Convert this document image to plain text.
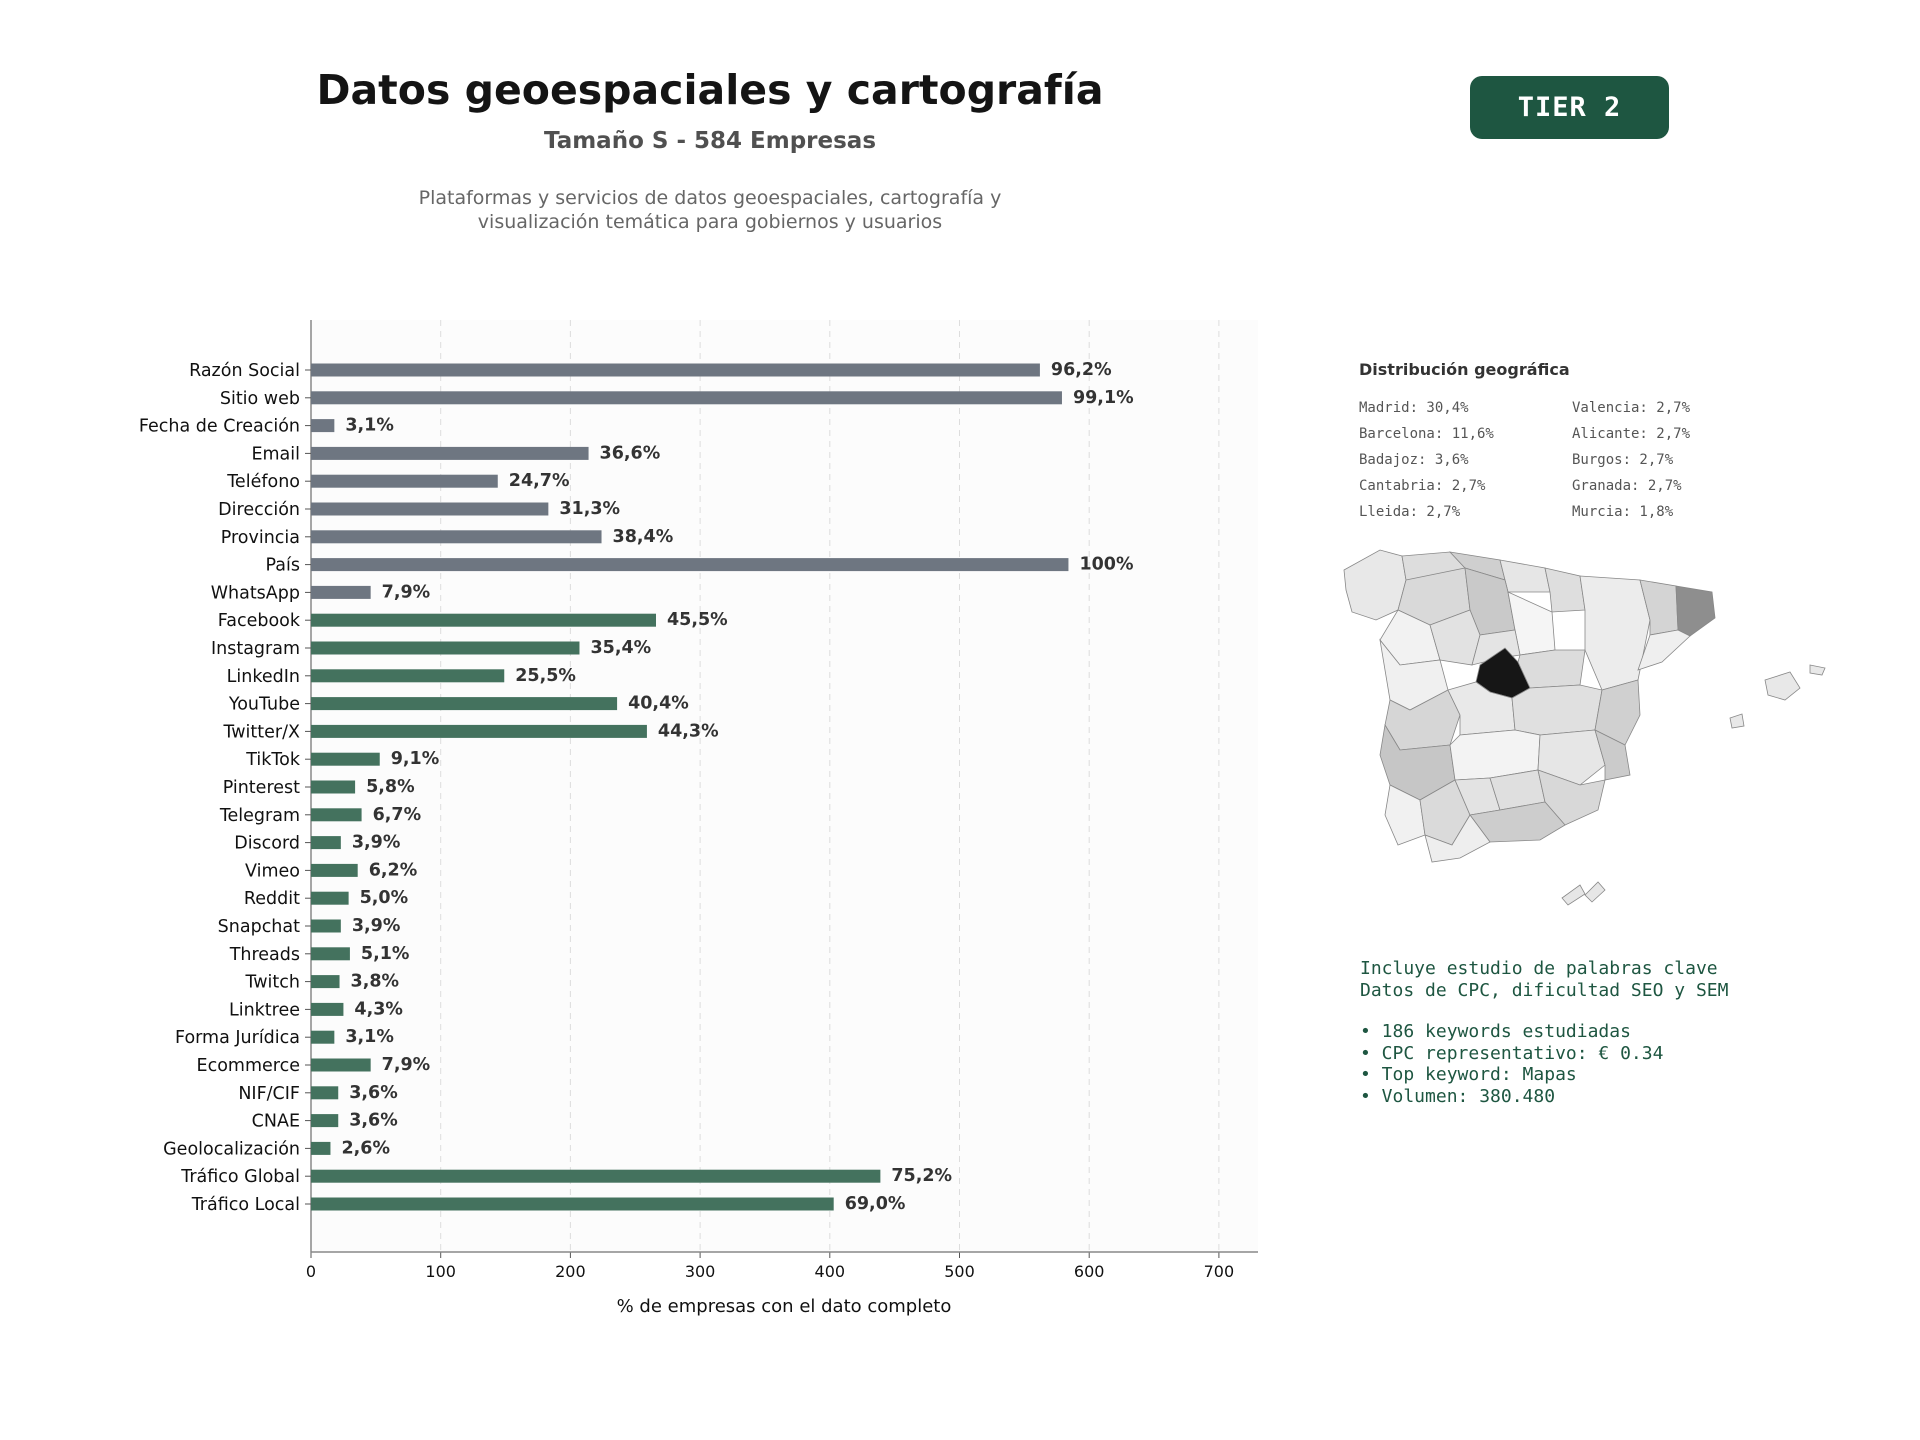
Datos geoespaciales y cartografía
Tamaño S - 584 Empresas
Plataformas y servicios de datos geoespaciales, cartografía y
visualización temática para gobiernos y usuarios
TIER 2
0	100	200	300	400	500	600	700
% de empresas con el dato completo
Razón Social	96,2%
Sitio web	99,1%
Fecha de Creación	3,1%
Email	36,6%
Teléfono	24,7%
Dirección	31,3%
Provincia	38,4%
País	100%
WhatsApp	7,9%
Facebook	45,5%
Instagram	35,4%
LinkedIn	25,5%
YouTube	40,4%
Twitter/X	44,3%
TikTok	9,1%
Pinterest	5,8%
Telegram	6,7%
Discord	3,9%
Vimeo	6,2%
Reddit	5,0%
Snapchat	3,9%
Threads	5,1%
Twitch	3,8%
Linktree	4,3%
Forma Jurídica	3,1%
Ecommerce	7,9%
NIF/CIF	3,6%
CNAE	3,6%
Geolocalización 2,6%
Tráfico Global	75,2%
Tráfico Local	69,0%
Distribución geográfica
Madrid: 30,4%
Barcelona: 11,6%
Badajoz: 3,6%
Cantabria: 2,7%
Lleida: 2,7%
Valencia: 2,7%
Alicante: 2,7%
Burgos: 2,7%
Granada: 2,7%
Murcia: 1,8%
Incluye estudio de palabras clave
Datos de CPC, dificultad SEO y SEM
• 186 keywords estudiadas
• CPC representativo: € 0.34
• Top keyword: Mapas
• Volumen: 380.480
